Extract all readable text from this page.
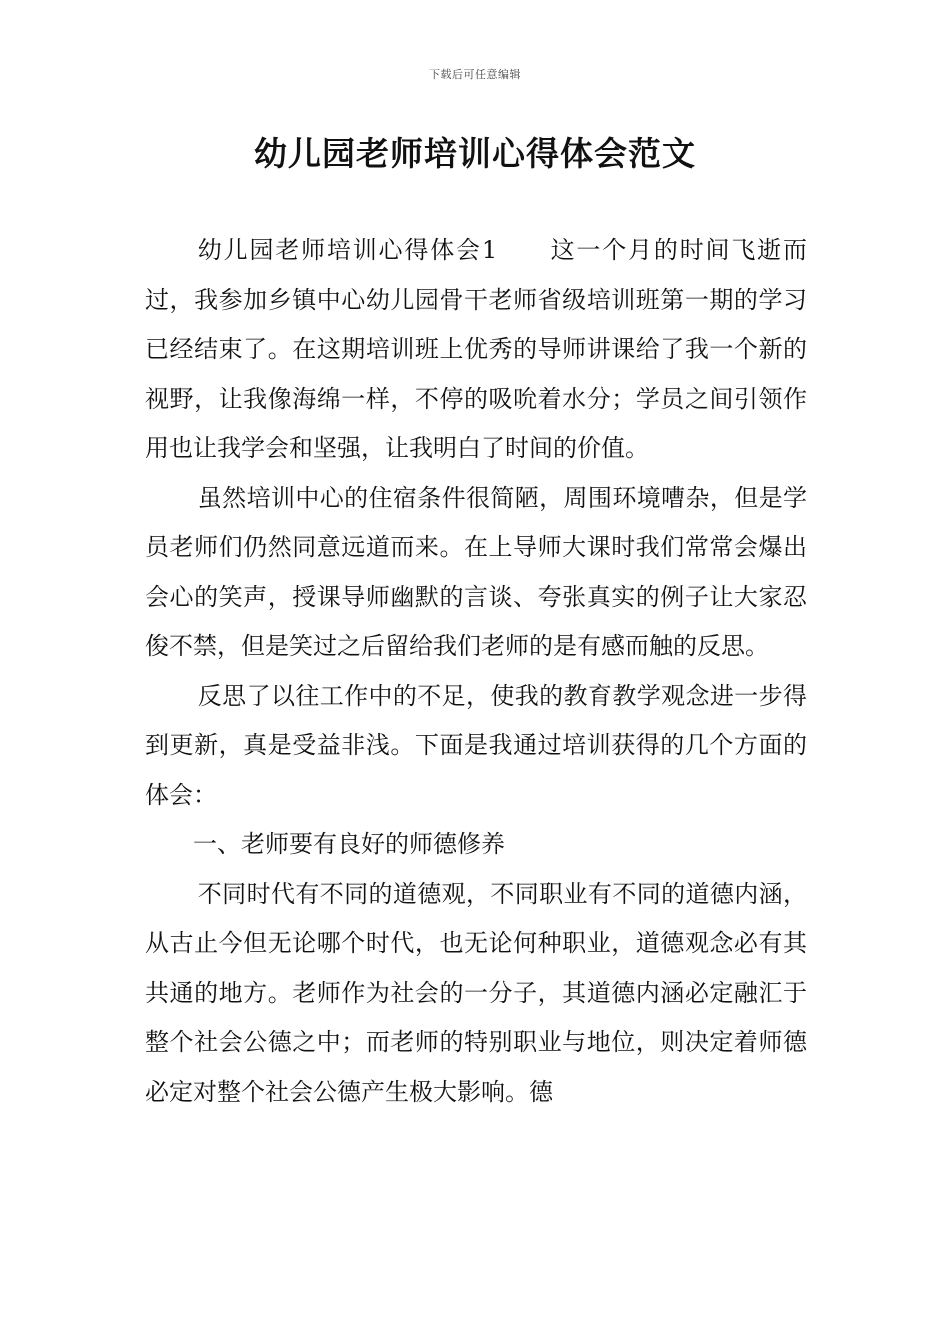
下载后可任意编辑
幼儿园老师培训心得体会范文

幼儿园老师培训心得体会1　　这一个月的时间飞逝而过，我参加乡镇中心幼儿园骨干老师省级培训班第一期的学习已经结束了。在这期培训班上优秀的导师讲课给了我一个新的视野，让我像海绵一样，不停的吸吮着水分；学员之间引领作用也让我学会和坚强，让我明白了时间的价值。

虽然培训中心的住宿条件很简陋，周围环境嘈杂，但是学员老师们仍然同意远道而来。在上导师大课时我们常常会爆出会心的笑声，授课导师幽默的言谈、夸张真实的例子让大家忍俊不禁，但是笑过之后留给我们老师的是有感而触的反思。

反思了以往工作中的不足，使我的教育教学观念进一步得到更新，真是受益非浅。下面是我通过培训获得的几个方面的体会：

一、老师要有良好的师德修养

不同时代有不同的道德观，不同职业有不同的道德内涵，从古止今但无论哪个时代，也无论何种职业，道德观念必有其共通的地方。老师作为社会的一分子，其道德内涵必定融汇于整个社会公德之中；而老师的特别职业与地位，则决定着师德必定对整个社会公德产生极大影响。德
